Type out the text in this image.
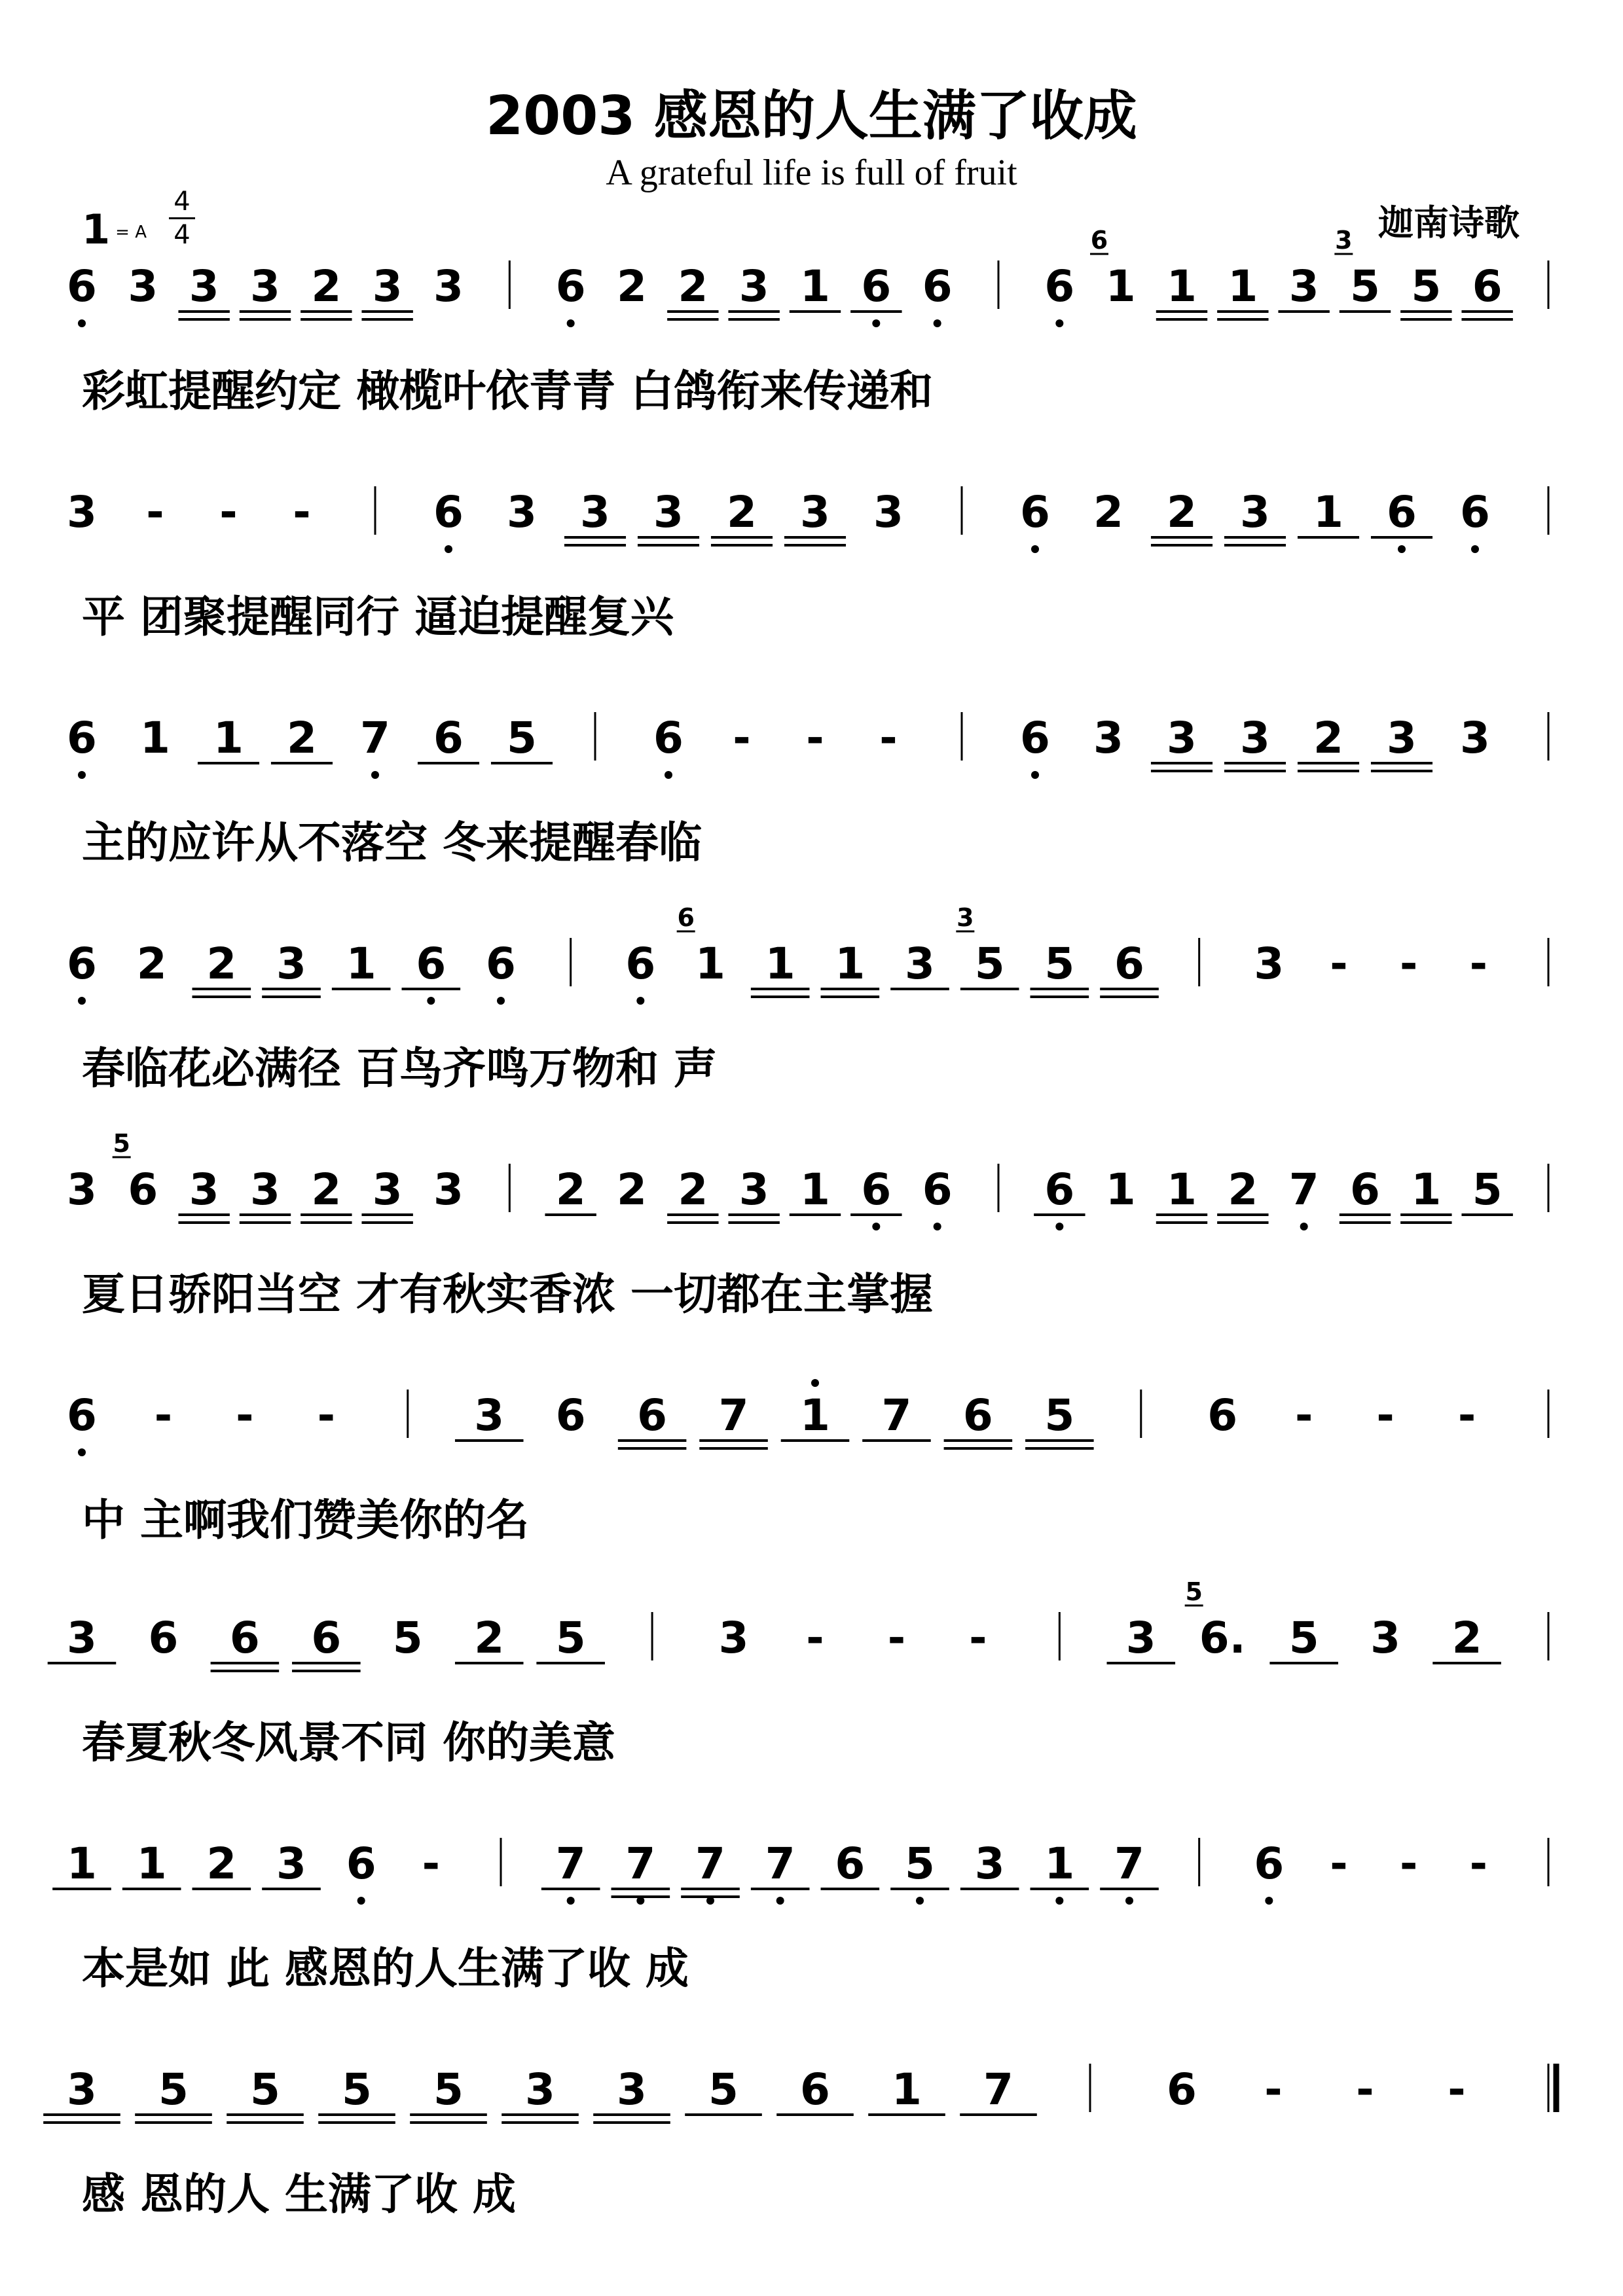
2003 感恩的人生满了收成
A grateful life is full of fruit
迦南诗歌
1 = A
4
4
6 3 3 3 2 3 3 6 2 2 3 1 6 6 6 1
6
1 1 3 5
3
5 6
彩虹提醒约定 橄榄叶依青青 白鸽衔来传递和
3 - - -	6 3 3 3 2 3 3	6 2 2 3 1 6 6
平 团聚提醒同行 逼迫提醒复兴
6 1 1 2 7 6 5	6 - - -	6 3 3 3 2 3 3
主的应许从不落空 冬来提醒春临
6 2 2 3 1 6 6	6 1
6
1 1 3 5
3
5 6	3 - - -
春临花必满径 百鸟齐鸣万物和 声
3 6
5
3 3 2 3 3 2 2 2 3 1 6 6 6 1 1 2 7 6 1 5
夏日骄阳当空 才有秋实香浓 一切都在主掌握
6 - - -	3 6 6 7 1 7 6 5	6 - - -
中 主啊我们赞美你的名
3 6 6 6 5 2 5	3 - - -	3 6.
5
5 3 2
春夏秋冬风景不同 你的美意
1 1 2 3 6 -	7 7 7 7 6 5 3 1 7	6 - - -
本是如 此 感恩的人生满了收 成
3 5 5 5 5 3 3 5 6 1 7	6 - - -
感 恩的人 生满了收 成
